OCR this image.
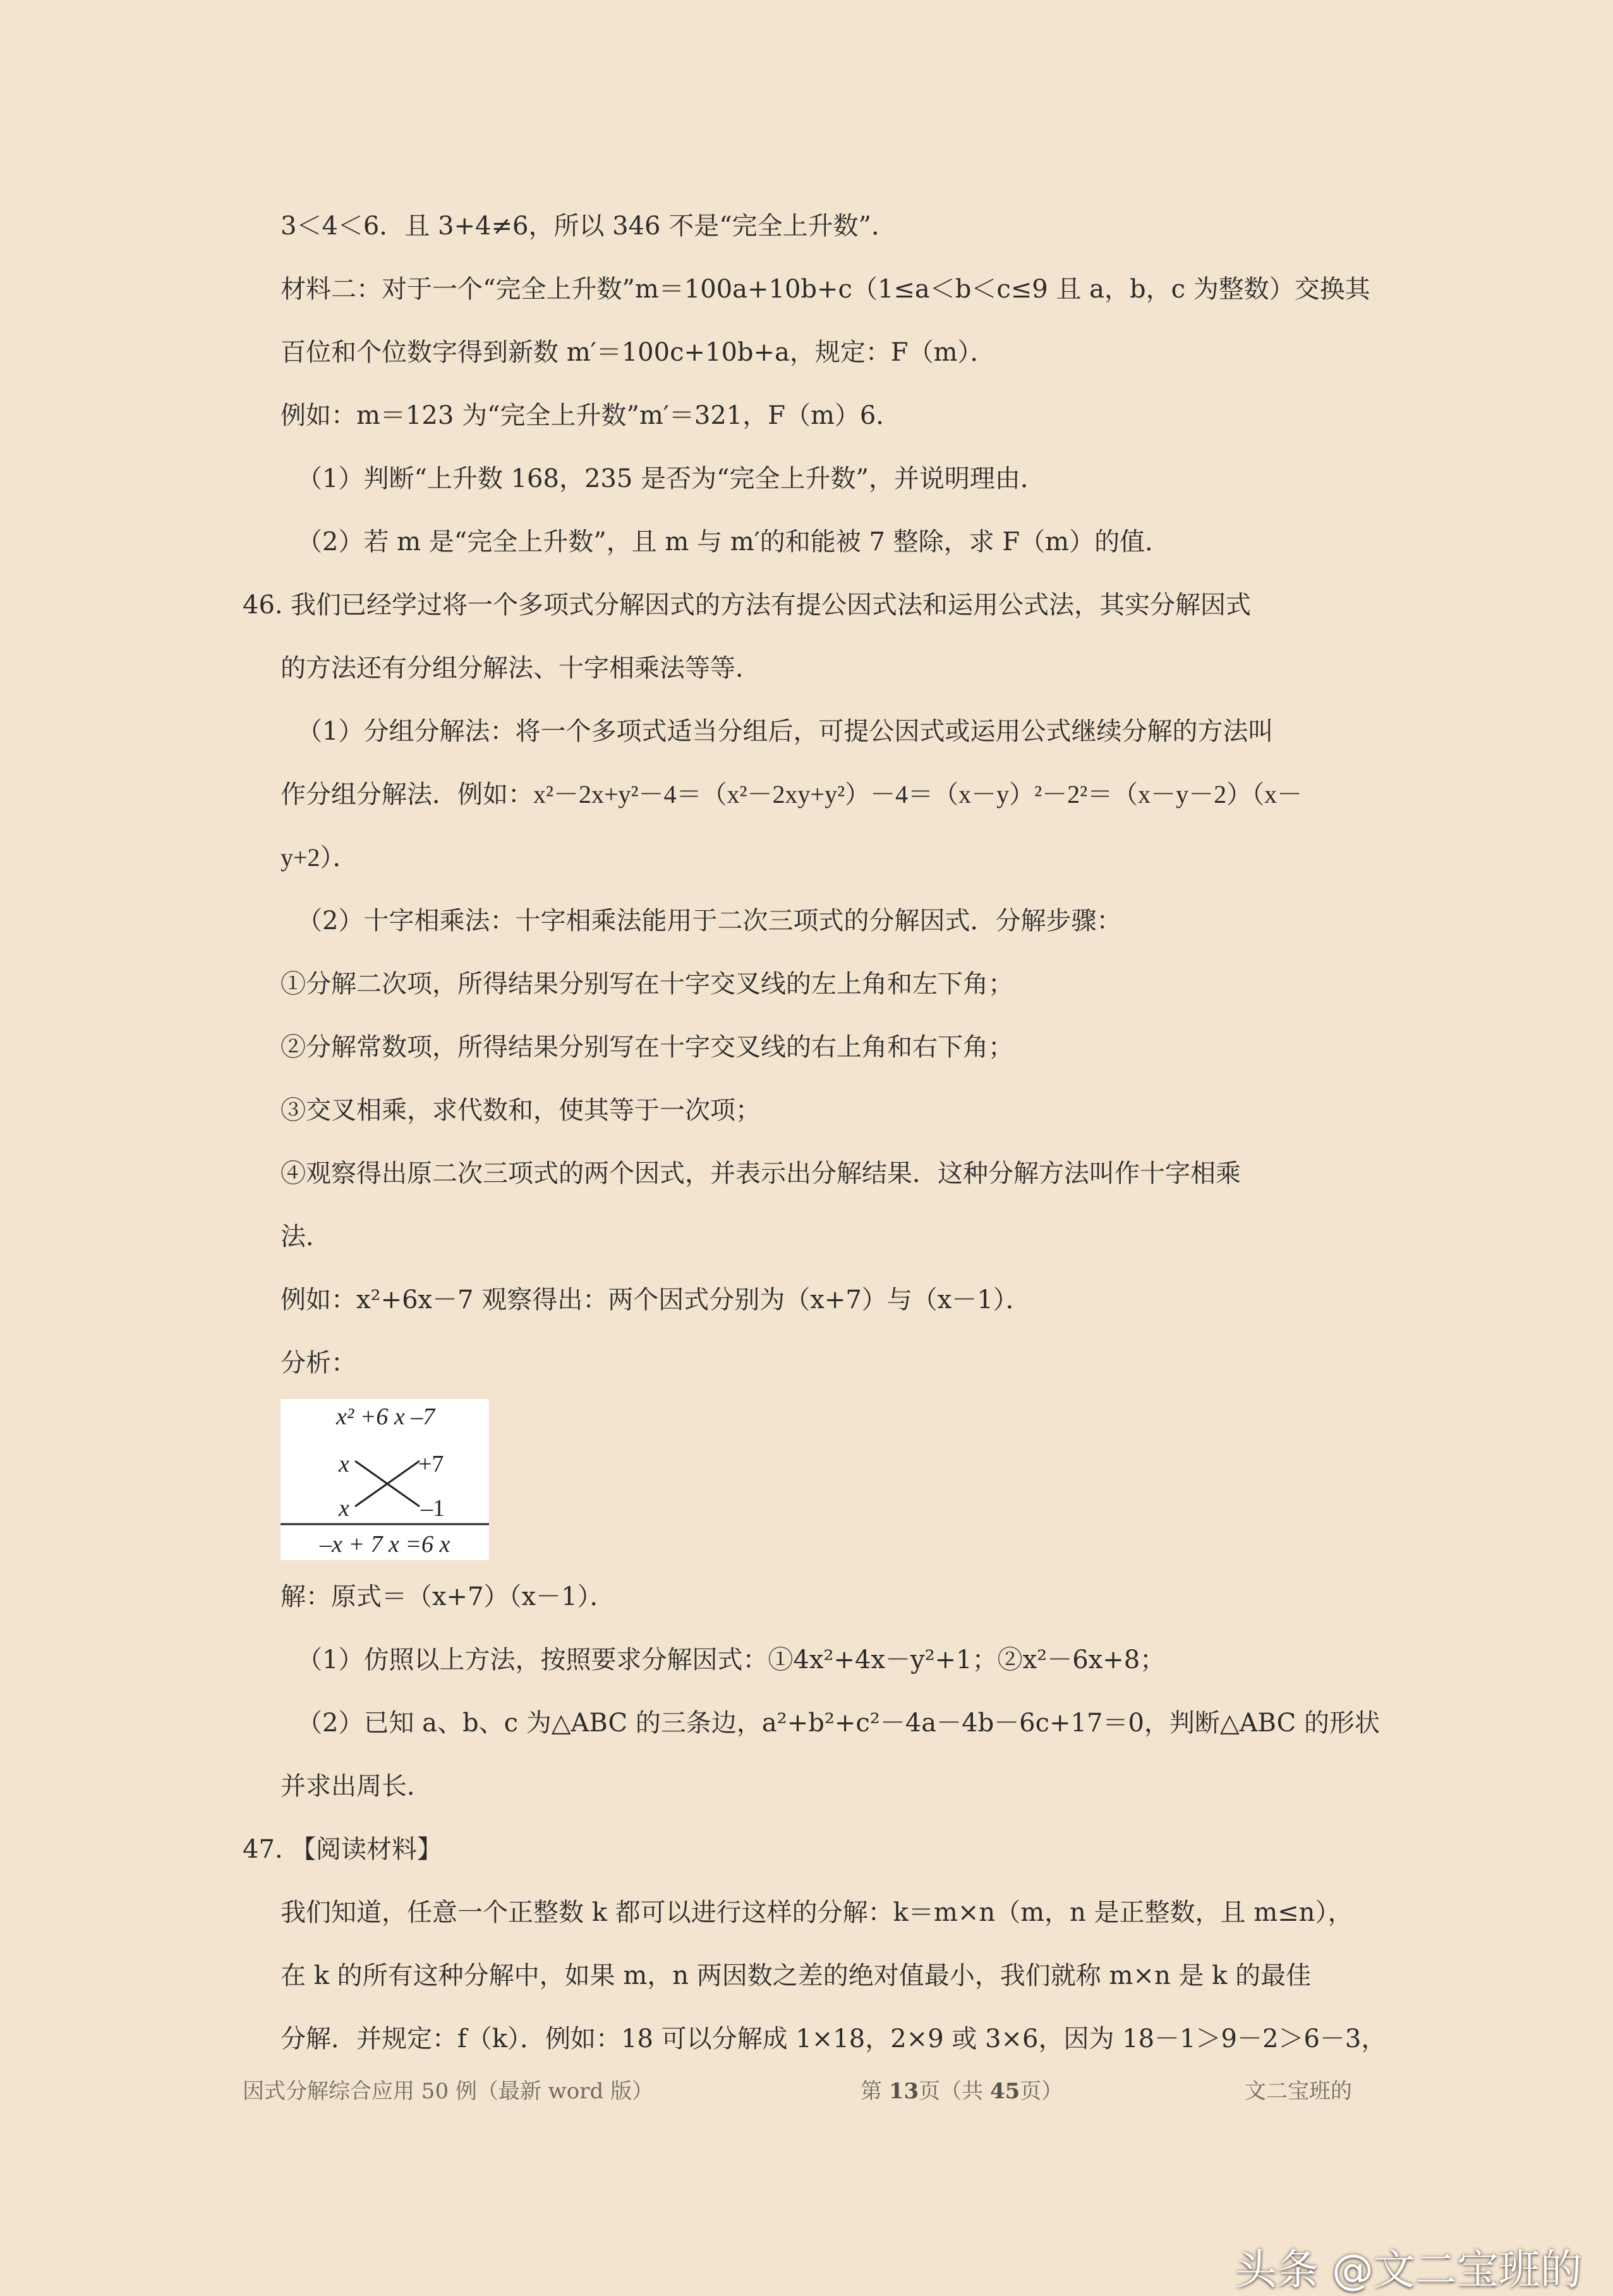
3＜4＜6．且 3+4≠6，所以 346 不是“完全上升数”．
材料二：对于一个“完全上升数”m＝100a+10b+c（1≤a＜b＜c≤9 且 a，b，c 为整数）交换其
百位和个位数字得到新数 m′＝100c+10b+a，规定：F（m）．
例如：m＝123 为“完全上升数”m′＝321，F（m）6．
（1）判断“上升数 168，235 是否为“完全上升数”，并说明理由．
（2）若 m 是“完全上升数”，且 m 与 m′的和能被 7 整除，求 F（m）的值．
46. 我们已经学过将一个多项式分解因式的方法有提公因式法和运用公式法，其实分解因式
的方法还有分组分解法、十字相乘法等等．
（1）分组分解法：将一个多项式适当分组后，可提公因式或运用公式继续分解的方法叫
作分组分解法．例如：x²－2x+y²－4＝（x²－2xy+y²）－4＝（x－y）²－2²＝（x－y－2）（x－
y+2）．
（2）十字相乘法：十字相乘法能用于二次三项式的分解因式．分解步骤：
①分解二次项，所得结果分别写在十字交叉线的左上角和左下角；
②分解常数项，所得结果分别写在十字交叉线的右上角和右下角；
③交叉相乘，求代数和，使其等于一次项；
④观察得出原二次三项式的两个因式，并表示出分解结果．这种分解方法叫作十字相乘
法．
例如：x²+6x－7 观察得出：两个因式分别为（x+7）与（x－1）．
分析：
x² +6 x –7
x	+7
x	–1
–x + 7 x =6 x
解：原式＝（x+7）（x－1）．
（1）仿照以上方法，按照要求分解因式：①4x²+4x－y²+1；②x²－6x+8；
（2）已知 a、b、c 为△ABC 的三条边，a²+b²+c²－4a－4b－6c+17＝0，判断△ABC 的形状
并求出周长．
47. 【阅读材料】
我们知道，任意一个正整数 k 都可以进行这样的分解：k＝m×n（m，n 是正整数，且 m≤n），
在 k 的所有这种分解中，如果 m，n 两因数之差的绝对值最小，我们就称 m×n 是 k 的最佳
分解．并规定：f（k）．例如：18 可以分解成 1×18，2×9 或 3×6，因为 18－1＞9－2＞6－3，
因式分解综合应用 50 例（最新 word 版）	第 13页（共 45页）	文二宝班的
头条 @文二宝班的
